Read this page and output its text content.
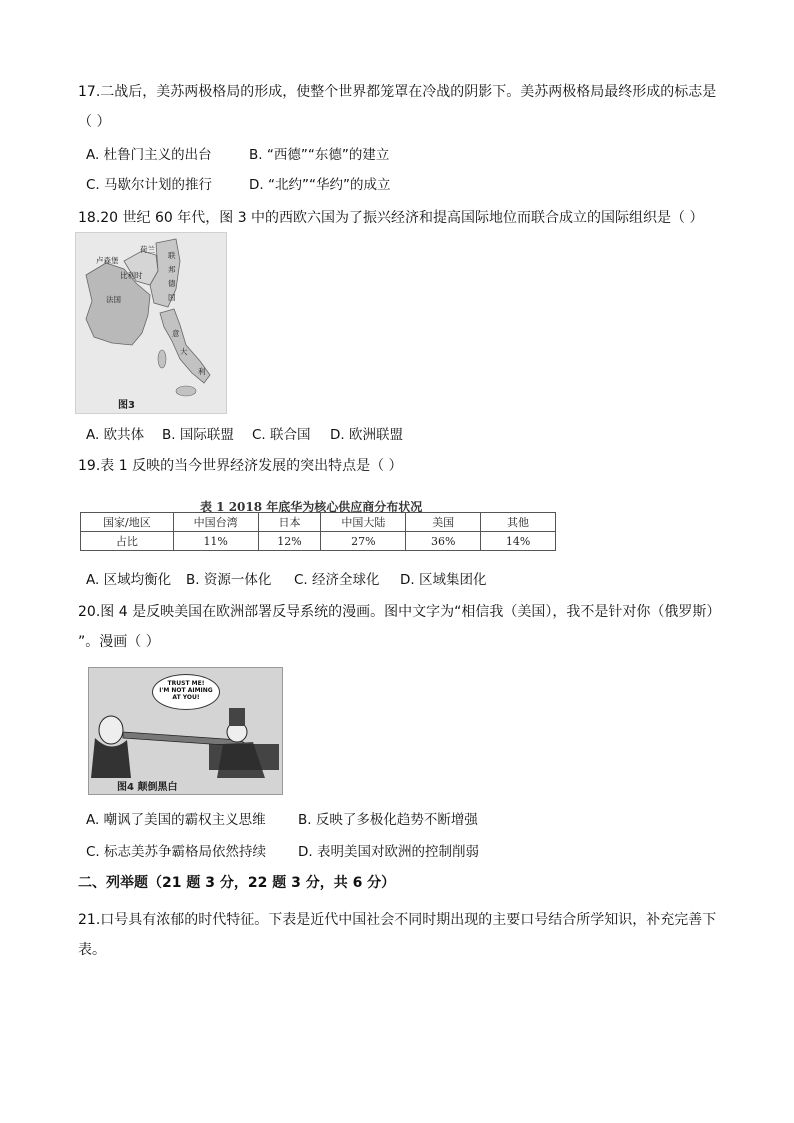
17.二战后，美苏两极格局的形成，使整个世界都笼罩在冷战的阴影下。美苏两极格局最终形成的标志是
（ ）
A. 杜鲁门主义的出台	B. “西德”“东德”的建立
C. 马歇尔计划的推行	D. “北约”“华约”的成立
18.20 世纪 60 年代，图 3 中的西欧六国为了振兴经济和提高国际地位而联合成立的国际组织是（ ）
卢森堡
荷兰
比利时
法国
联
邦
德
国
意
大
利
图3
A. 欧共体 B. 国际联盟 C. 联合国 D. 欧洲联盟
19.表 1 反映的当今世界经济发展的突出特点是（ ）
表 1 2018 年底华为核心供应商分布状况
国家/地区	中国台湾	日本	中国大陆	美国	其他
占比	11%	12%	27%	36%	14%
A. 区域均衡化 B. 资源一体化 C. 经济全球化 D. 区域集团化
20.图 4 是反映美国在欧洲部署反导系统的漫画。图中文字为“相信我（美国），我不是针对你（俄罗斯）
”。漫画（ ）
TRUST ME!
I'M NOT AIMING
AT YOU!
图4 颠倒黑白
A. 嘲讽了美国的霸权主义思维 B. 反映了多极化趋势不断增强
C. 标志美苏争霸格局依然持续 D. 表明美国对欧洲的控制削弱
二、列举题（21 题 3 分，22 题 3 分，共 6 分）
21.口号具有浓郁的时代特征。下表是近代中国社会不同时期出现的主要口号结合所学知识，补充完善下
表。
